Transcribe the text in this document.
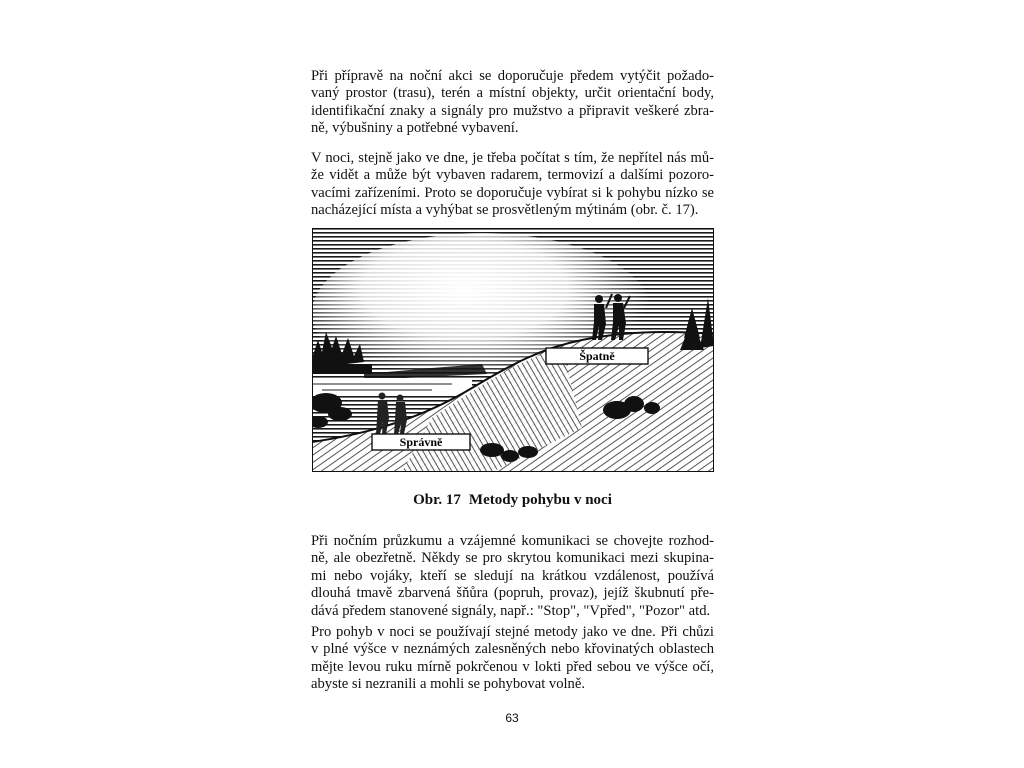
Při přípravě na noční akci se doporučuje předem vytýčit požado-
vaný prostor (trasu), terén a místní objekty, určit orientační body,
identifikační znaky a signály pro mužstvo a připravit veškeré zbra-
ně, výbušniny a potřebné vybavení.

V noci, stejně jako ve dne, je třeba počítat s tím, že nepřítel nás mů-
že vidět a může být vybaven radarem, termovizí a dalšími pozoro-
vacími zařízeními. Proto se doporučuje vybírat si k pohybu nízko se
nacházející místa a vyhýbat se prosvětleným mýtinám (obr. č. 17).

Špatně
Správně
Obr. 17 Metody pohybu v noci

Při nočním průzkumu a vzájemné komunikaci se chovejte rozhod-
ně, ale obezřetně. Někdy se pro skrytou komunikaci mezi skupina-
mi nebo vojáky, kteří se sledují na krátkou vzdálenost, používá
dlouhá tmavě zbarvená šňůra (popruh, provaz), jejíž škubnutí pře-
dává předem stanovené signály, např.: "Stop", "Vpřed", "Pozor" atd.

Pro pohyb v noci se používají stejné metody jako ve dne. Při chůzi
v plné výšce v neznámých zalesněných nebo křovinatých oblastech
mějte levou ruku mírně pokrčenou v lokti před sebou ve výšce očí,
abyste si nezranili a mohli se pohybovat volně.

63
